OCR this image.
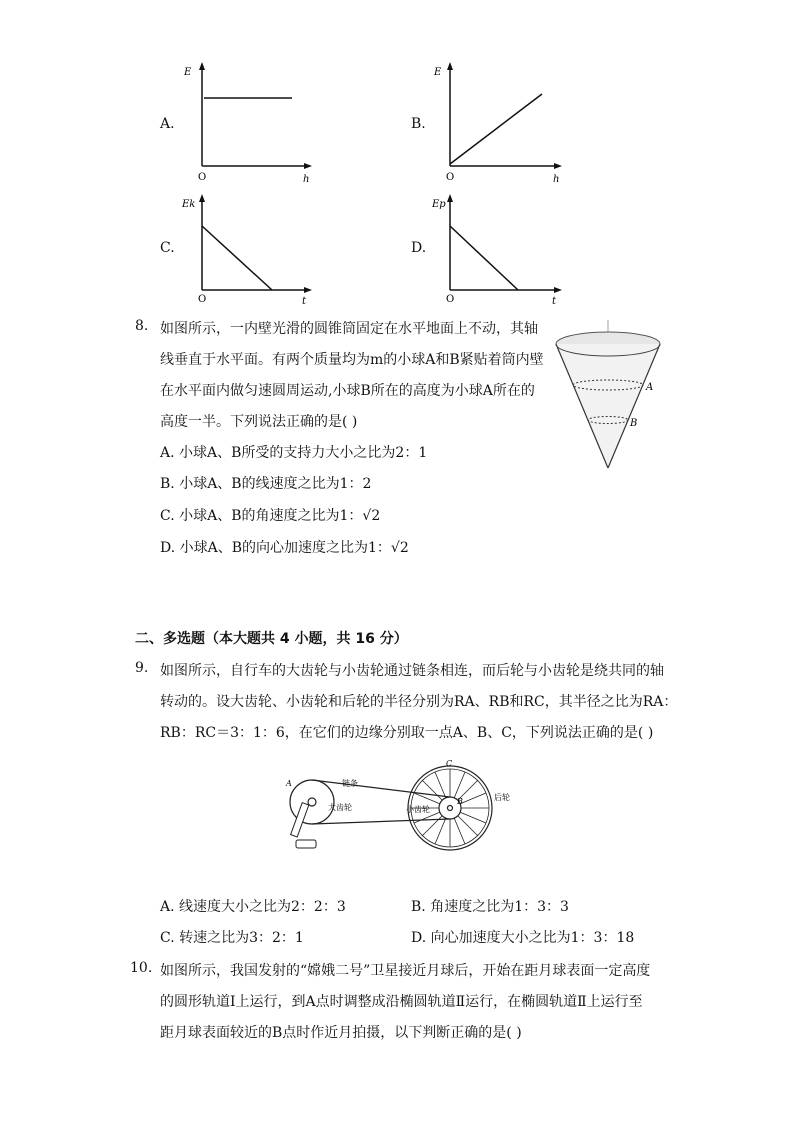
A.
E
O	h
B.
E
O	h
C.
Ek
O	t
D.
Ep
O	t
8. 如图所示，一内壁光滑的圆锥筒固定在水平地面上不动，其轴
线垂直于水平面。有两个质量均为m的小球A和B紧贴着筒内壁
在水平面内做匀速圆周运动,小球B所在的高度为小球A所在的
高度一半。下列说法正确的是( )
A. 小球A、B所受的支持力大小之比为2：1
B. 小球A、B的线速度之比为1：2
C. 小球A、B的角速度之比为1：√2
D. 小球A、B的向心加速度之比为1：√2
A
B
二、多选题（本大题共 4 小题，共 16 分）
9. 如图所示，自行车的大齿轮与小齿轮通过链条相连，而后轮与小齿轮是绕共同的轴
转动的。设大齿轮、小齿轮和后轮的半径分别为RA、RB和RC，其半径之比为RA：
RB：RC＝3：1：6，在它们的边缘分别取一点A、B、C，下列说法正确的是( )
A	链条
大齿轮	小齿轮
B
C
后轮
A. 线速度大小之比为2：2：3	B. 角速度之比为1：3：3
C. 转速之比为3：2：1	D. 向心加速度大小之比为1：3：18
10. 如图所示，我国发射的“嫦娥二号”卫星接近月球后，开始在距月球表面一定高度
的圆形轨道Ⅰ上运行，到A点时调整成沿椭圆轨道Ⅱ运行，在椭圆轨道Ⅱ上运行至
距月球表面较近的B点时作近月拍摄，以下判断正确的是( )
